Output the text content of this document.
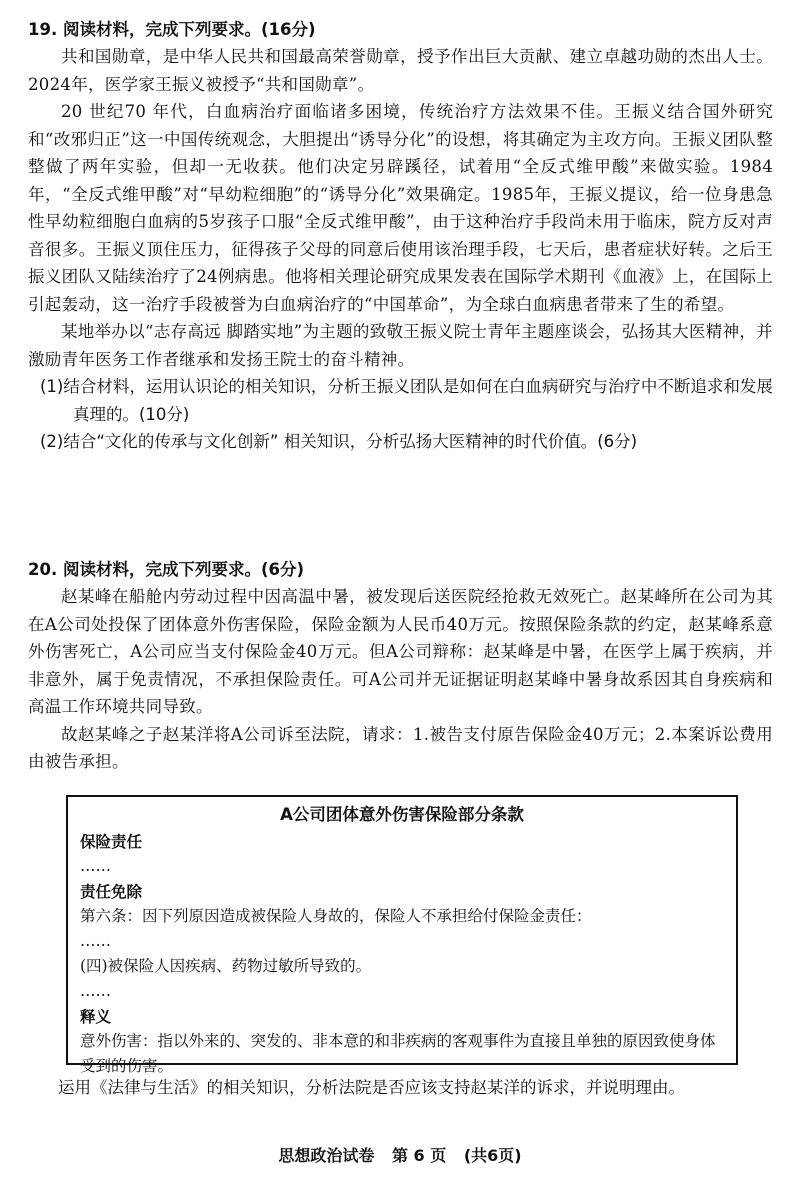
19. 阅读材料，完成下列要求。(16分)

共和国勋章，是中华人民共和国最高荣誉勋章，授予作出巨大贡献、建立卓越功勋的杰出人士。2024年，医学家王振义被授予“共和国勋章”。

20 世纪70 年代，白血病治疗面临诸多困境，传统治疗方法效果不佳。王振义结合国外研究和“改邪归正”这一中国传统观念，大胆提出“诱导分化”的设想，将其确定为主攻方向。王振义团队整整做了两年实验，但却一无收获。他们决定另辟蹊径，试着用“全反式维甲酸”来做实验。1984年，“全反式维甲酸”对“早幼粒细胞”的“诱导分化”效果确定。1985年，王振义提议，给一位身患急性早幼粒细胞白血病的5岁孩子口服“全反式维甲酸”，由于这种治疗手段尚未用于临床，院方反对声音很多。王振义顶住压力，征得孩子父母的同意后使用该治理手段，七天后，患者症状好转。之后王振义团队又陆续治疗了24例病患。他将相关理论研究成果发表在国际学术期刊《血液》上，在国际上引起轰动，这一治疗手段被誉为白血病治疗的“中国革命”，为全球白血病患者带来了生的希望。

某地举办以“志存高远 脚踏实地”为主题的致敬王振义院士青年主题座谈会，弘扬其大医精神，并激励青年医务工作者继承和发扬王院士的奋斗精神。

(1)结合材料，运用认识论的相关知识，分析王振义团队是如何在白血病研究与治疗中不断追求和发展真理的。(10分)

(2)结合“文化的传承与文化创新” 相关知识，分析弘扬大医精神的时代价值。(6分)

20. 阅读材料，完成下列要求。(6分)

赵某峰在船舱内劳动过程中因高温中暑，被发现后送医院经抢救无效死亡。赵某峰所在公司为其在A公司处投保了团体意外伤害保险，保险金额为人民币40万元。按照保险条款的约定，赵某峰系意外伤害死亡，A公司应当支付保险金40万元。但A公司辩称：赵某峰是中暑，在医学上属于疾病，并非意外，属于免责情况，不承担保险责任。可A公司并无证据证明赵某峰中暑身故系因其自身疾病和高温工作环境共同导致。

故赵某峰之子赵某洋将A公司诉至法院，请求：1.被告支付原告保险金40万元；2.本案诉讼费用由被告承担。

A公司团体意外伤害保险部分条款

保险责任

……

责任免除

第六条：因下列原因造成被保险人身故的，保险人不承担给付保险金责任：

……

(四)被保险人因疾病、药物过敏所导致的。

……

释义

意外伤害：指以外来的、突发的、非本意的和非疾病的客观事件为直接且单独的原因致使身体受到的伤害。

运用《法律与生活》的相关知识，分析法院是否应该支持赵某洋的诉求，并说明理由。
思想政治试卷 第 6 页 (共6页)
